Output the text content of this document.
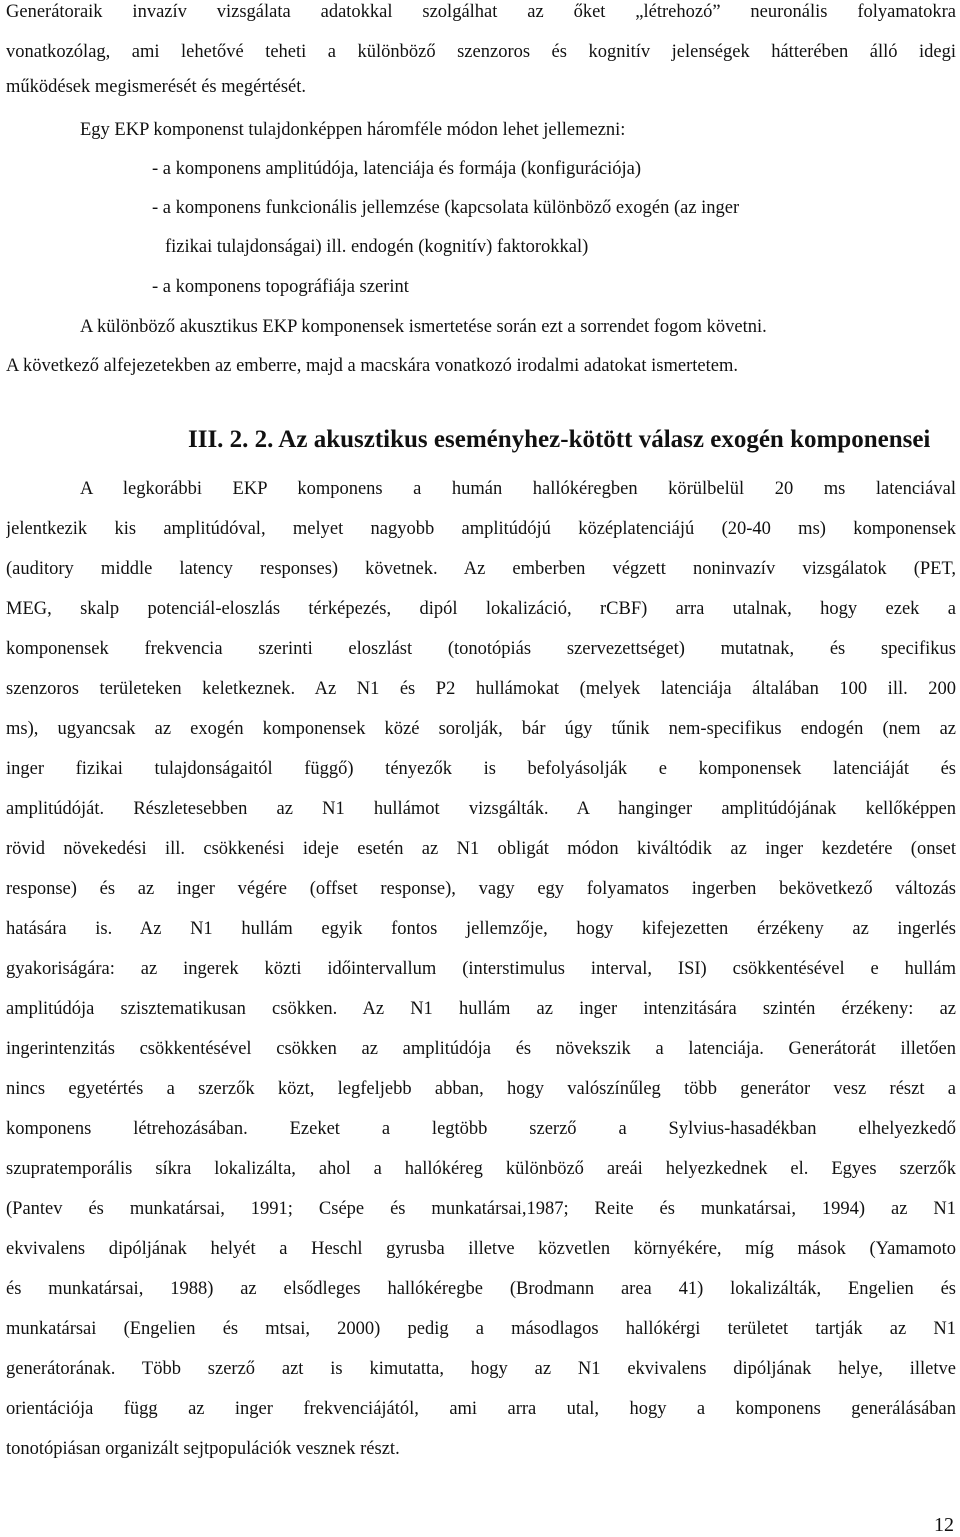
Generátoraik invazív vizsgálata adatokkal szolgálhat az őket „létrehozó” neuronális folyamatokra
vonatkozólag, ami lehetővé teheti a különböző szenzoros és kognitív jelenségek hátterében álló idegi
működések megismerését és megértését.
Egy EKP komponenst tulajdonképpen háromféle módon lehet jellemezni:
- a komponens amplitúdója, latenciája és formája (konfigurációja)
- a komponens funkcionális jellemzése (kapcsolata különböző exogén (az inger
fizikai tulajdonságai) ill. endogén (kognitív) faktorokkal)
- a komponens topográfiája szerint
A különböző akusztikus EKP komponensek ismertetése során ezt a sorrendet fogom követni.
A következő alfejezetekben az emberre, majd a macskára vonatkozó irodalmi adatokat ismertetem.
III. 2. 2. Az akusztikus eseményhez-kötött válasz exogén komponensei
A legkorábbi EKP komponens a humán hallókéregben körülbelül 20 ms latenciával
jelentkezik kis amplitúdóval, melyet nagyobb amplitúdójú középlatenciájú (20-40 ms) komponensek
(auditory middle latency responses) követnek. Az emberben végzett noninvazív vizsgálatok (PET,
MEG, skalp potenciál-eloszlás térképezés, dipól lokalizáció, rCBF) arra utalnak, hogy ezek a
komponensek frekvencia szerinti eloszlást (tonotópiás szervezettséget) mutatnak, és specifikus
szenzoros területeken keletkeznek. Az N1 és P2 hullámokat (melyek latenciája általában 100 ill. 200
ms), ugyancsak az exogén komponensek közé sorolják, bár úgy tűnik nem-specifikus endogén (nem az
inger fizikai tulajdonságaitól függő) tényezők is befolyásolják e komponensek latenciáját és
amplitúdóját. Részletesebben az N1 hullámot vizsgálták. A hanginger amplitúdójának kellőképpen
rövid növekedési ill. csökkenési ideje esetén az N1 obligát módon kiváltódik az inger kezdetére (onset
response) és az inger végére (offset response), vagy egy folyamatos ingerben bekövetkező változás
hatására is. Az N1 hullám egyik fontos jellemzője, hogy kifejezetten érzékeny az ingerlés
gyakoriságára: az ingerek közti időintervallum (interstimulus interval, ISI) csökkentésével e hullám
amplitúdója szisztematikusan csökken. Az N1 hullám az inger intenzitására szintén érzékeny: az
ingerintenzitás csökkentésével csökken az amplitúdója és növekszik a latenciája. Generátorát illetően
nincs egyetértés a szerzők közt, legfeljebb abban, hogy valószínűleg több generátor vesz részt a
komponens létrehozásában. Ezeket a legtöbb szerző a Sylvius-hasadékban elhelyezkedő
szupratemporális síkra lokalizálta, ahol a hallókéreg különböző areái helyezkednek el. Egyes szerzők
(Pantev és munkatársai, 1991; Csépe és munkatársai,1987; Reite és munkatársai, 1994) az N1
ekvivalens dipóljának helyét a Heschl gyrusba illetve közvetlen környékére, míg mások (Yamamoto
és munkatársai, 1988) az elsődleges hallókéregbe (Brodmann area 41) lokalizálták, Engelien és
munkatársai (Engelien és mtsai, 2000) pedig a másodlagos hallókérgi területet tartják az N1
generátorának. Több szerző azt is kimutatta, hogy az N1 ekvivalens dipóljának helye, illetve
orientációja függ az inger frekvenciájától, ami arra utal, hogy a komponens generálásában
tonotópiásan organizált sejtpopulációk vesznek részt.
12
